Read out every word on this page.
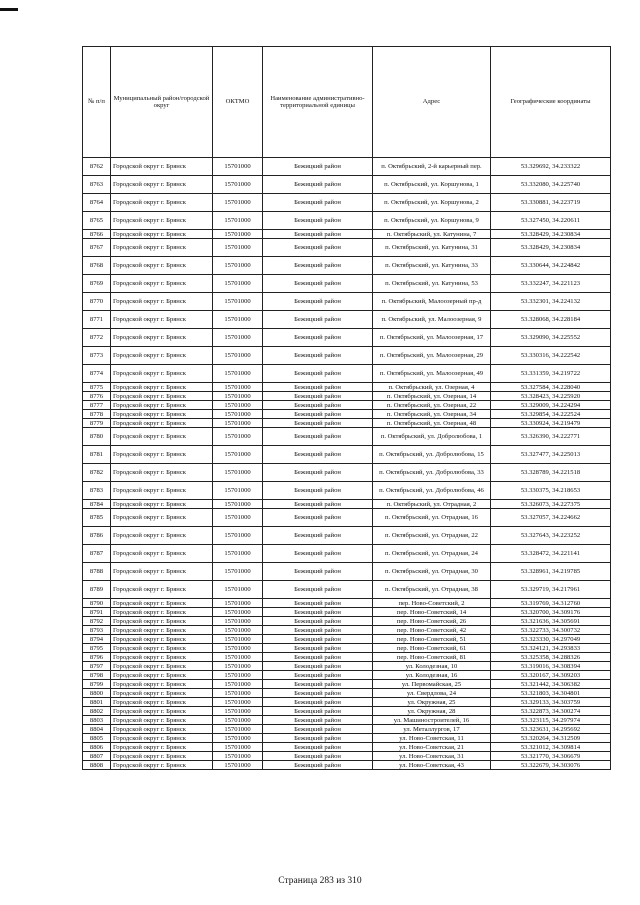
№ п/п	Муниципальный район/городской округ	ОКТМО	Наименование административно-территориальной единицы	Адрес	Географические координаты
8762	Городской округ г. Брянск	15701000	Бежицкий район	п. Октябрьский, 2-й карьерный пер.	53.329692, 34.233322
8763	Городской округ г. Брянск	15701000	Бежицкий район	п. Октябрьский, ул. Коршунова, 1	53.332080, 34.225740
8764	Городской округ г. Брянск	15701000	Бежицкий район	п. Октябрьский, ул. Коршунова, 2	53.330881, 34.223719
8765	Городской округ г. Брянск	15701000	Бежицкий район	п. Октябрьский, ул. Коршунова, 9	53.327450, 34.220611
8766	Городской округ г. Брянск	15701000	Бежицкий район	п. Октябрьский, ул. Катунина, 7	53.328429, 34.230834
8767	Городской округ г. Брянск	15701000	Бежицкий район	п. Октябрьский, ул. Катунина, 31	53.328429, 34.230834
8768	Городской округ г. Брянск	15701000	Бежицкий район	п. Октябрьский, ул. Катунина, 33	53.330644, 34.224842
8769	Городской округ г. Брянск	15701000	Бежицкий район	п. Октябрьский, ул. Катунина, 53	53.332247, 34.221123
8770	Городской округ г. Брянск	15701000	Бежицкий район	п. Октябрьский, Малоозерный пр-д	53.332301, 34.224132
8771	Городской округ г. Брянск	15701000	Бежицкий район	п. Октябрьский, ул. Малоозерная, 9	53.328068, 34.228184
8772	Городской округ г. Брянск	15701000	Бежицкий район	п. Октябрьский, ул. Малоозерная, 17	53.329090, 34.225552
8773	Городской округ г. Брянск	15701000	Бежицкий район	п. Октябрьский, ул. Малоозерная, 29	53.330316, 34.222542
8774	Городской округ г. Брянск	15701000	Бежицкий район	п. Октябрьский, ул. Малоозерная, 49	53.331359, 34.219722
8775	Городской округ г. Брянск	15701000	Бежицкий район	п. Октябрьский, ул. Озерная, 4	53.327584, 34.228040
8776	Городской округ г. Брянск	15701000	Бежицкий район	п. Октябрьский, ул. Озерная, 14	53.328423, 34.225920
8777	Городской округ г. Брянск	15701000	Бежицкий район	п. Октябрьский, ул. Озерная, 22	53.329009, 34.224294
8778	Городской округ г. Брянск	15701000	Бежицкий район	п. Октябрьский, ул. Озерная, 34	53.329854, 34.222524
8779	Городской округ г. Брянск	15701000	Бежицкий район	п. Октябрьский, ул. Озерная, 48	53.330924, 34.219479
8780	Городской округ г. Брянск	15701000	Бежицкий район	п. Октябрьский, ул. Добролюбова, 1	53.326390, 34.222771
8781	Городской округ г. Брянск	15701000	Бежицкий район	п. Октябрьский, ул. Добролюбова, 15	53.327477, 34.225013
8782	Городской округ г. Брянск	15701000	Бежицкий район	п. Октябрьский, ул. Добролюбова, 33	53.328789, 34.221518
8783	Городской округ г. Брянск	15701000	Бежицкий район	п. Октябрьский, ул. Добролюбова, 46	53.330375, 34.218653
8784	Городской округ г. Брянск	15701000	Бежицкий район	п. Октябрьский, ул. Отрадная, 2	53.326073, 34.227375
8785	Городской округ г. Брянск	15701000	Бежицкий район	п. Октябрьский, ул. Отрадная, 16	53.327057, 34.224662
8786	Городской округ г. Брянск	15701000	Бежицкий район	п. Октябрьский, ул. Отрадная, 22	53.327643, 34.223252
8787	Городской округ г. Брянск	15701000	Бежицкий район	п. Октябрьский, ул. Отрадная, 24	53.328472, 34.221141
8788	Городской округ г. Брянск	15701000	Бежицкий район	п. Октябрьский, ул. Отрадная, 30	53.328961, 34.219785
8789	Городской округ г. Брянск	15701000	Бежицкий район	п. Октябрьский, ул. Отрадная, 38	53.329719, 34.217961
8790	Городской округ г. Брянск	15701000	Бежицкий район	пер. Ново-Советский, 2	53.319769, 34.312760
8791	Городской округ г. Брянск	15701000	Бежицкий район	пер. Ново-Советский, 14	53.320700, 34.309176
8792	Городской округ г. Брянск	15701000	Бежицкий район	пер. Ново-Советский, 26	53.321636, 34.305691
8793	Городской округ г. Брянск	15701000	Бежицкий район	пер. Ново-Советский, 42	53.322733, 34.300732
8794	Городской округ г. Брянск	15701000	Бежицкий район	пер. Ново-Советский, 51	53.323330, 34.297049
8795	Городской округ г. Брянск	15701000	Бежицкий район	пер. Ново-Советский, 61	53.324121, 34.293833
8796	Городской округ г. Брянск	15701000	Бежицкий район	пер. Ново-Советский, 81	53.325358, 34.288326
8797	Городской округ г. Брянск	15701000	Бежицкий район	ул. Колодезная, 10	53.319016, 34.308394
8798	Городской округ г. Брянск	15701000	Бежицкий район	ул. Колодезная, 16	53.320167, 34.309203
8799	Городской округ г. Брянск	15701000	Бежицкий район	ул. Первомайская, 25	53.321442, 34.306382
8800	Городской округ г. Брянск	15701000	Бежицкий район	ул. Свердлова, 24	53.321803, 34.304801
8801	Городской округ г. Брянск	15701000	Бежицкий район	ул. Окружная, 25	53.329133, 34.303759
8802	Городской округ г. Брянск	15701000	Бежицкий район	ул. Окружная, 28	53.322873, 34.300274
8803	Городской округ г. Брянск	15701000	Бежицкий район	ул. Машиностроителей, 16	53.323115, 34.297974
8804	Городской округ г. Брянск	15701000	Бежицкий район	ул. Металлургов, 17	53.323631, 34.295692
8805	Городской округ г. Брянск	15701000	Бежицкий район	ул. Ново-Советская, 11	53.320264, 34.312509
8806	Городской округ г. Брянск	15701000	Бежицкий район	ул. Ново-Советская, 21	53.321012, 34.309814
8807	Городской округ г. Брянск	15701000	Бежицкий район	ул. Ново-Советская, 31	53.321770, 34.306679
8808	Городской округ г. Брянск	15701000	Бежицкий район	ул. Ново-Советская, 43	53.322679, 34.303076
Страница 283 из 310
